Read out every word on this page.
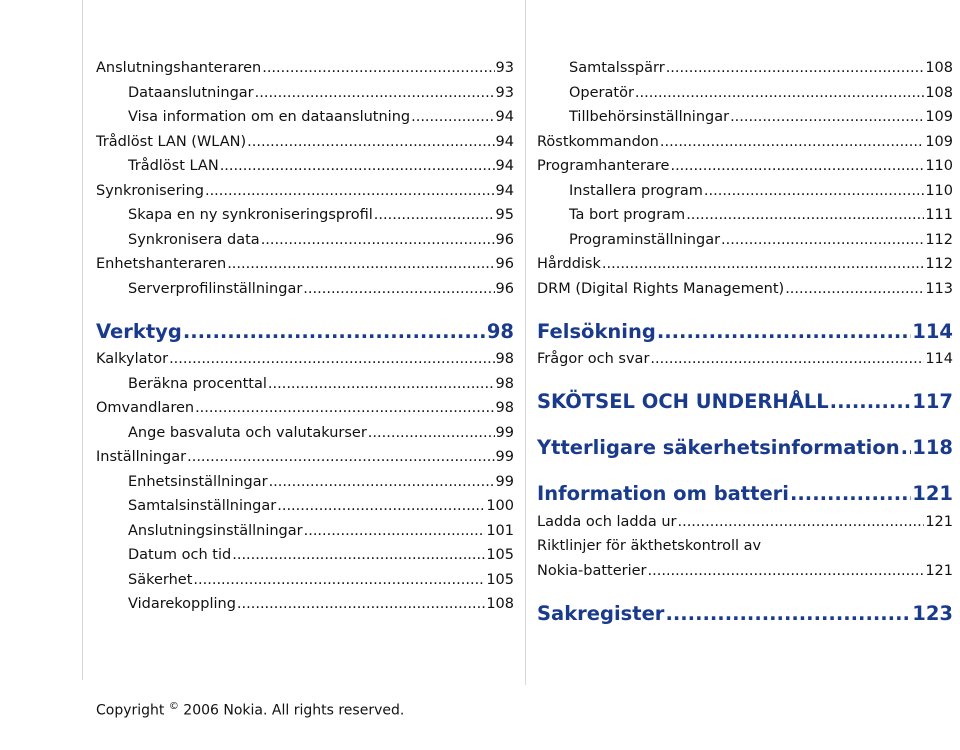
Anslutningshanteraren .....	93
Dataanslutningar .....	93
Visa information om en dataanslutning .....	94
Trådlöst LAN (WLAN) .....	94
Trådlöst LAN .....	94
Synkronisering .....	94
Skapa en ny synkroniseringsprofil .....	95
Synkronisera data .....	96
Enhetshanteraren .....	96
Serverprofilinställningar .....	96
Verktyg .....	98
Kalkylator .....	98
Beräkna procenttal .....	98
Omvandlaren .....	98
Ange basvaluta och valutakurser .....	99
Inställningar .....	99
Enhetsinställningar .....	99
Samtalsinställningar .....	100
Anslutningsinställningar .....	101
Datum och tid .....	105
Säkerhet .....	105
Vidarekoppling .....	108
Samtalsspärr .....	108
Operatör .....	108
Tillbehörsinställningar .....	109
Röstkommandon .....	109
Programhanterare .....	110
Installera program .....	110
Ta bort program .....	111
Programinställningar .....	112
Hårddisk .....	112
DRM (Digital Rights Management) .....	113
Felsökning .....	114
Frågor och svar .....	114
SKÖTSEL OCH UNDERHÅLL .....	117
Ytterligare säkerhetsinformation ..... 118
Information om batteri .....	121
Ladda och ladda ur .....	121
Riktlinjer för äkthetskontroll av
Nokia-batterier .....	121
Sakregister .....	123
Copyright © 2006 Nokia. All rights reserved.
